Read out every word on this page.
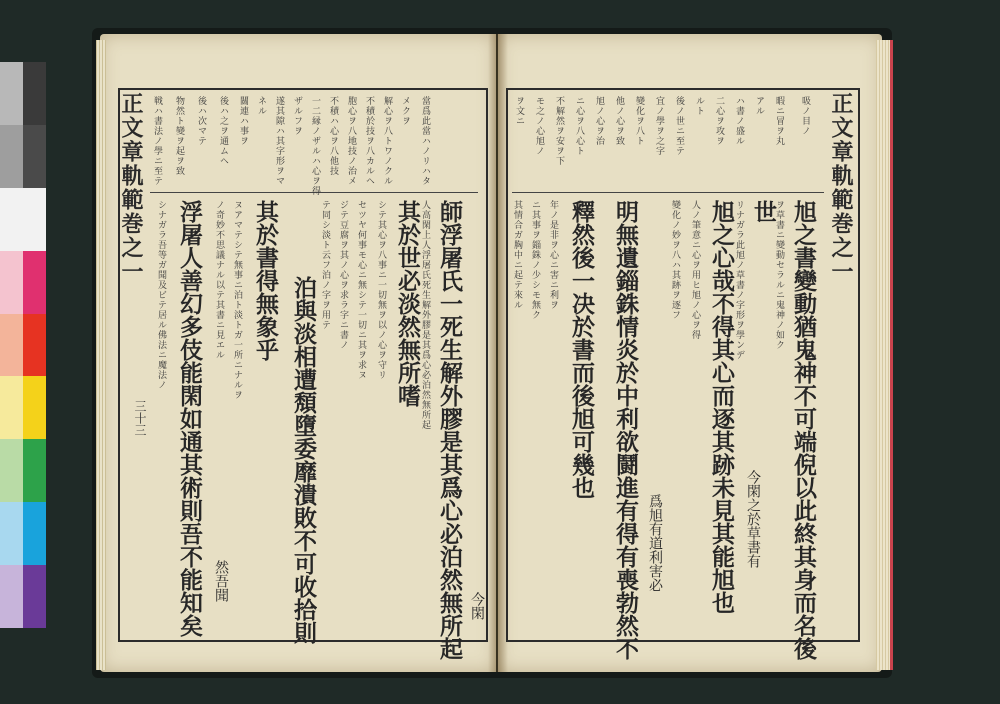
正文章軌範巻之一	正文章軌範巻之一
三十三
戦ハ書法ノ學ニ至テ 物然ト變ヲ起ヲ致 後ハ次マテ 後ハ之ヲ通ムヘ 關連ハ事ヲ ネル 遂其隙ハ其字形ヲマ ザルフヲ 一二縁ノザルハ心ヲ得 不積ハ心ヲ八他技 胞心ヲ八地技ノ治メ 不積於技ヲ八カルヘ 解心ヲ八トワノクル メクヲ 當爲此當ハノリハタ
師浮屠氏一死生解外膠是其爲心必泊然無所起
人高閑上人浮屠氏死生解外膠是其爲心必泊然無所起
其於世必淡然無所嗜
今閑
シテ其心ヲ八事ニ一切無ヲ以ノ心ヲ守リ
セツヤ何事モ心ニ無シテ一切ニ其ヲ求ヌ
ジテ豆腐ヲ其ノ心ヲ求ラ字ニ書ノ
テ同シ淡ト云フ泊ノ字ヲ用テ
泊與淡相遭頽墮委靡潰敗不可收拾則
其於書得無象乎
ヌアマテシテ無事ニ泊ト淡トガ一所ニナルヲ
ノ奇妙不思議ナル以テ其書ニ見エル
浮屠人善幻多伎能閑如通其術則吾不能知矣 然吾聞
シナガラ吾等ガ聞及ビテ居ル佛法ニ魔法ノ
ヲ文ニ モ之ノ心旭ノ 不解然ヲ安ヲ下 ニ心ヲ八心ト 旭ノ心ヲ治 他ノ心ヲ致 變化ヲ八ト 宜ノ學ヲ之字 後ノ世ニ至テ ルト 二心ヲ攻ヲ ハ書ノ盛ル アル 暇ニ冒ヲ丸 吸ノ目ノ
旭之書變動猶鬼神不可端倪以此終其身而名後
ヲ草書ニ變動セラルニ鬼神ノ如ク
世
リナガラ此旭ノ草書ノ字形ヲ學ンデ
旭之心哉不得其心而逐其跡未見其能旭也 今閑之於草書有
人ノ筆意ニ心ヲ用ヒ旭ノ心ヲ得
變化ノ妙ヲ八ハ其跡ヲ逐フ
明無遺錙銖情炎於中利欲鬪進有得有喪勃然不 爲旭有道利害必
釋然後一决於書而後旭可幾也
年ノ是非ヲ心ニ害ニ利ヲ
ニ其事ヲ錙銖ノ少シモ無ク
其情合ガ胸中ニ起テ來ル
